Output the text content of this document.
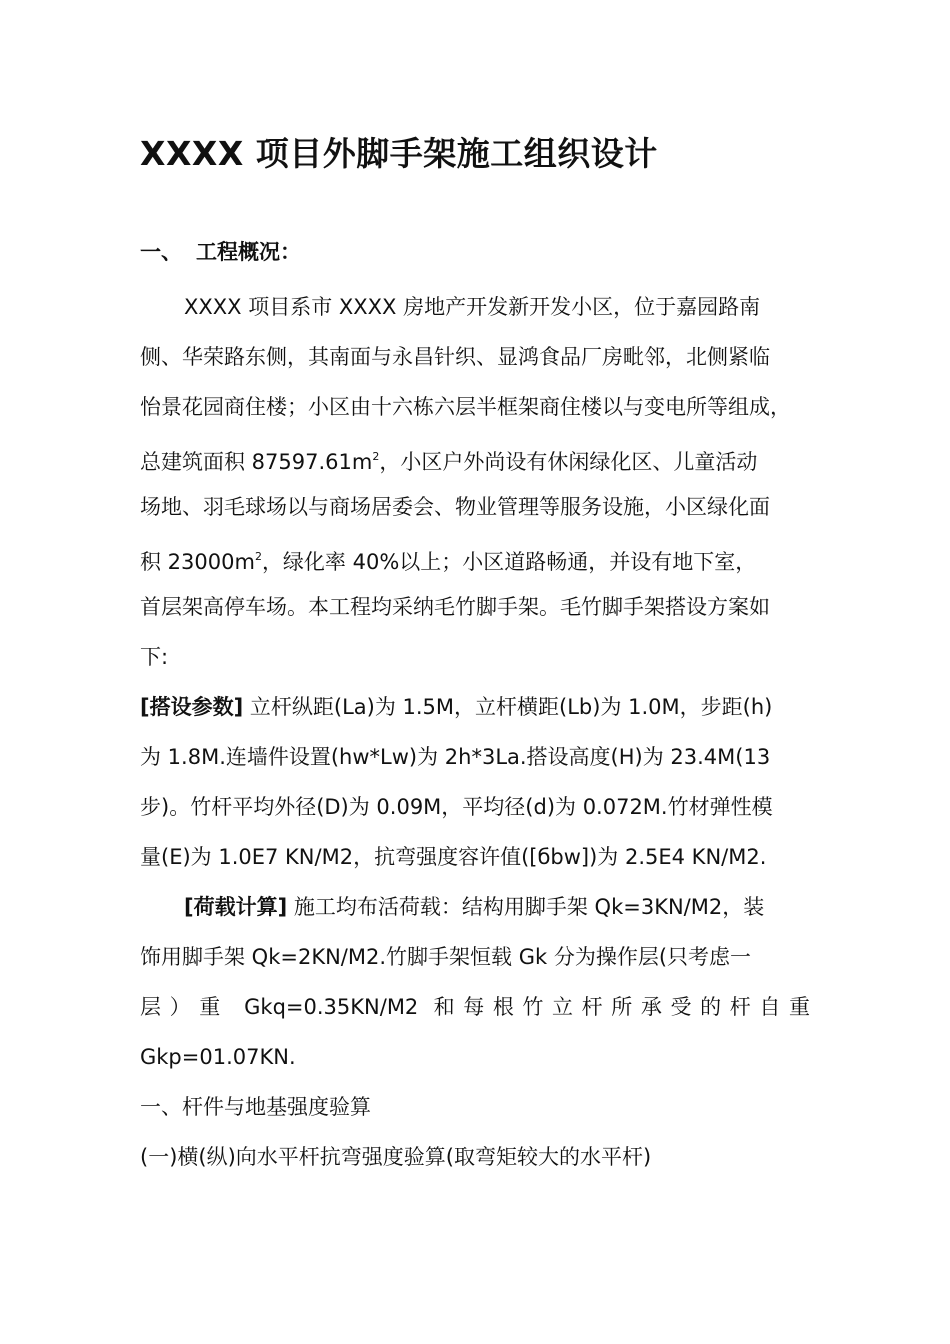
XXXX 项目外脚手架施工组织设计
一、 工程概况：
XXXX 项目系市 XXXX 房地产开发新开发小区，位于嘉园路南
侧、华荣路东侧，其南面与永昌针织、显鸿食品厂房毗邻，北侧紧临
怡景花园商住楼；小区由十六栋六层半框架商住楼以与变电所等组成，
总建筑面积 $87597.61m^2$，小区户外尚设有休闲绿化区、儿童活动
场地、羽毛球场以与商场居委会、物业管理等服务设施，小区绿化面
积 $23000m^2$，绿化率 40%以上；小区道路畅通，并设有地下室，
首层架高停车场。本工程均采纳毛竹脚手架。毛竹脚手架搭设方案如
下:
[搭设参数] 立杆纵距(La)为 1.5M，立杆横距(Lb)为 1.0M，步距(h)
为 1.8M.连墙件设置(hw*Lw)为 2h*3La.搭设高度(H)为 23.4M(13
步)。竹杆平均外径(D)为 0.09M，平均径(d)为 0.072M.竹材弹性模
量(E)为 1.0E7 KN/M2，抗弯强度容许值([бbw])为 2.5E4 KN/M2.
[荷载计算] 施工均布活荷载：结构用脚手架 Qk=3KN/M2，装
饰用脚手架 Qk=2KN/M2.竹脚手架恒载 Gk 分为操作层(只考虑一
层）重 Gkq=0.35KN/M2 和每根竹立杆所承受的杆自重
Gkp=01.07KN.
一、杆件与地基强度验算
(一)横(纵)向水平杆抗弯强度验算(取弯矩较大的水平杆)
